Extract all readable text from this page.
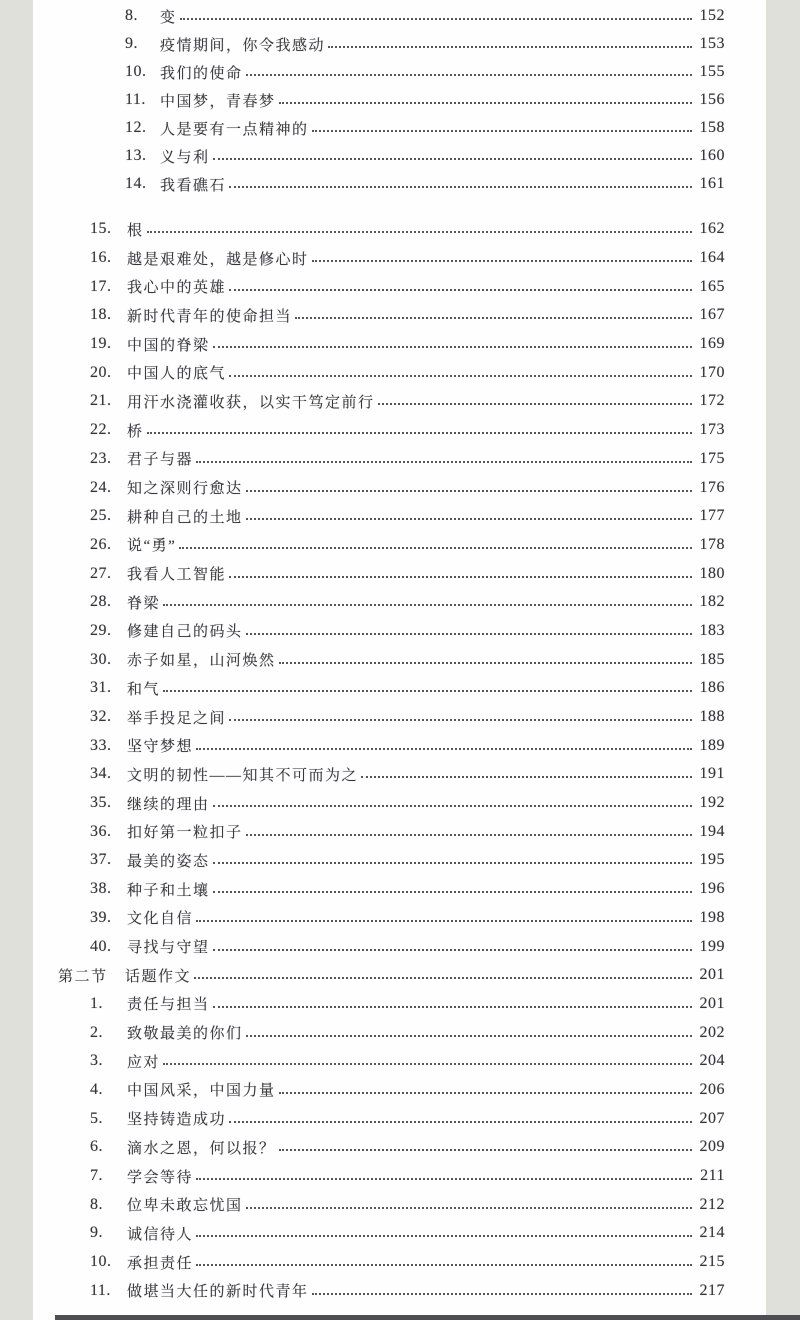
8.	变	152
9.	疫情期间，你令我感动	153
10. 我们的使命	155
11. 中国梦，青春梦	156
12. 人是要有一点精神的	158
13. 义与利	160
14. 我看礁石	161
15.	根	162
16.	越是艰难处，越是修心时	164
17.	我心中的英雄	165
18.	新时代青年的使命担当	167
19.	中国的脊梁	169
20.	中国人的底气	170
21.	用汗水浇灌收获，以实干笃定前行	172
22.	桥	173
23.	君子与器	175
24.	知之深则行愈达	176
25.	耕种自己的土地	177
26.	说“勇”	178
27.	我看人工智能	180
28.	脊梁	182
29.	修建自己的码头	183
30.	赤子如星，山河焕然	185
31.	和气	186
32.	举手投足之间	188
33.	坚守梦想	189
34.	文明的韧性——知其不可而为之	191
35.	继续的理由	192
36.	扣好第一粒扣子	194
37.	最美的姿态	195
38.	种子和土壤	196
39.	文化自信	198
40.	寻找与守望	199
第二节	话题作文	201
1.	责任与担当	201
2.	致敬最美的你们	202
3.	应对	204
4.	中国风采，中国力量	206
5.	坚持铸造成功	207
6.	滴水之恩，何以报？	209
7.	学会等待	211
8.	位卑未敢忘忧国	212
9.	诚信待人	214
10.	承担责任	215
11.	做堪当大任的新时代青年	217
